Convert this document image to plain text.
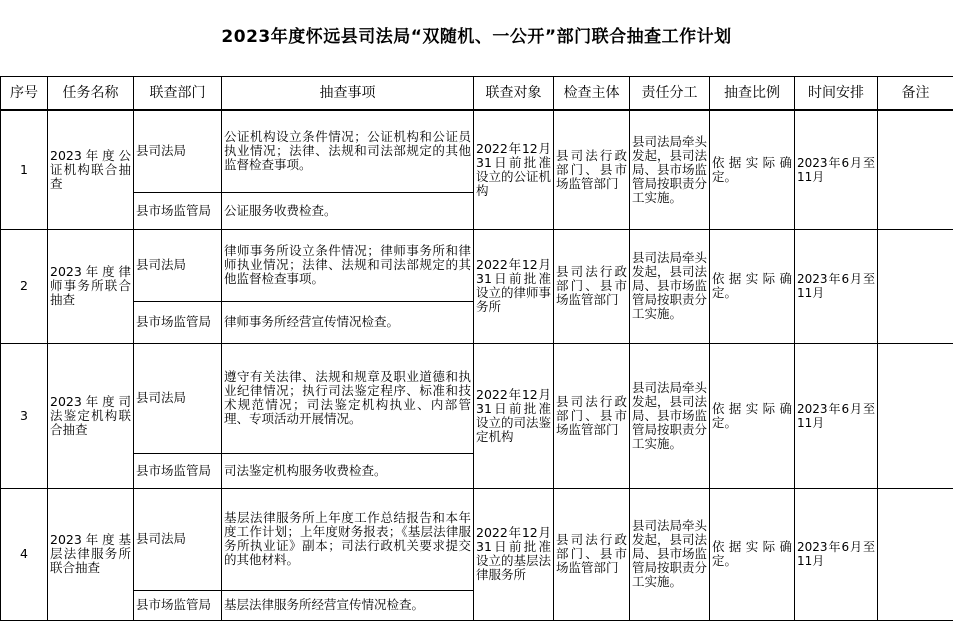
2023年度怀远县司法局“双随机、一公开”部门联合抽查工作计划
序号	任务名称	联查部门	抽查事项	联查对象	检查主体	责任分工	抽查比例	时间安排	备注
1	2023年度公证机构联合抽查	县司法局	公证机构设立条件情况；公证机构和公证员执业情况；法律、法规和司法部规定的其他监督检查事项。	2022年12月31日前批准设立的公证机构	县司法行政部门、县市场监管部门	县司法局牵头发起，县司法局、县市场监管局按职责分工实施。	依据实际确定。	2023年6月至11月	
		县市场监管局	公证服务收费检查。						
2	2023年度律师事务所联合抽查	县司法局	律师事务所设立条件情况；律师事务所和律师执业情况；法律、法规和司法部规定的其他监督检查事项。	2022年12月31日前批准设立的律师事务所	县司法行政部门、县市场监管部门	县司法局牵头发起，县司法局、县市场监管局按职责分工实施。	依据实际确定。	2023年6月至11月	
		县市场监管局	律师事务所经营宣传情况检查。						
3	2023年度司法鉴定机构联合抽查	县司法局	遵守有关法律、法规和规章及职业道德和执业纪律情况；执行司法鉴定程序、标准和技术规范情况；司法鉴定机构执业、内部管理、专项活动开展情况。	2022年12月31日前批准设立的司法鉴定机构	县司法行政部门、县市场监管部门	县司法局牵头发起，县司法局、县市场监管局按职责分工实施。	依据实际确定。	2023年6月至11月	
		县市场监管局	司法鉴定机构服务收费检查。						
4	2023年度基层法律服务所联合抽查	县司法局	基层法律服务所上年度工作总结报告和本年度工作计划；上年度财务报表；《基层法律服务所执业证》副本；司法行政机关要求提交的其他材料。	2022年12月31日前批准设立的基层法律服务所	县司法行政部门、县市场监管部门	县司法局牵头发起，县司法局、县市场监管局按职责分工实施。	依据实际确定。	2023年6月至11月	
		县市场监管局	基层法律服务所经营宣传情况检查。						
